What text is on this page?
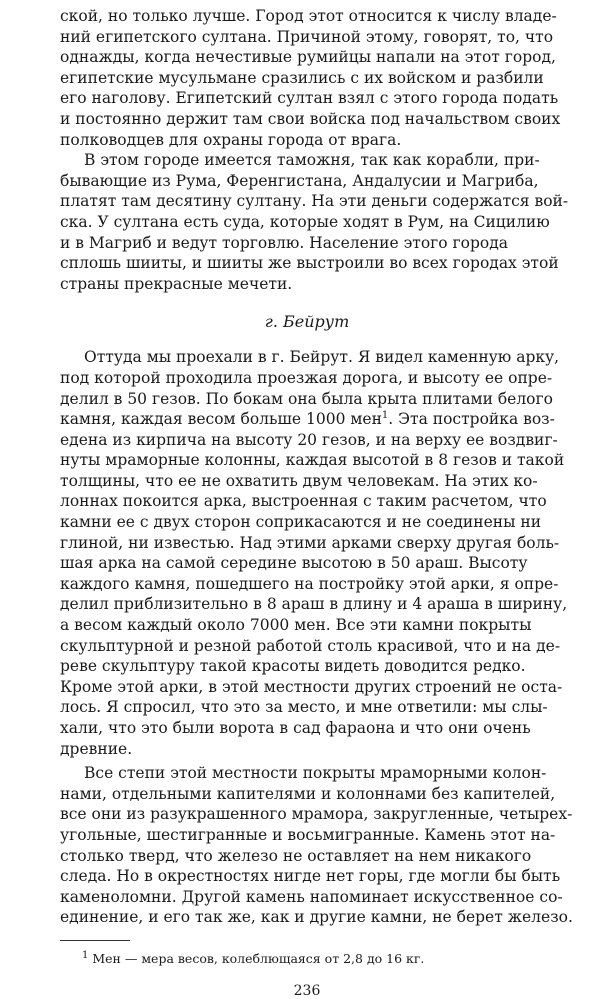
ской, но только лучше. Город этот относится к числу владе-
ний египетского султана. Причиной этому, говорят, то, что
однажды, когда нечестивые румийцы напали на этот город,
египетские мусульмане сразились с их войском и разбили
его наголову. Египетский султан взял с этого города подать
и постоянно держит там свои войска под начальством своих
полководцев для охраны города от врага.

В этом городе имеется таможня, так как корабли, при-
бывающие из Рума, Ференгистана, Андалусии и Магриба,
платят там десятину султану. На эти деньги содержатся вой-
ска. У султана есть суда, которые ходят в Рум, на Сицилию
и в Магриб и ведут торговлю. Население этого города
сплошь шииты, и шииты же выстроили во всех городах этой
страны прекрасные мечети.

г. Бейрут

Оттуда мы проехали в г. Бейрут. Я видел каменную арку,
под которой проходила проезжая дорога, и высоту ее опре-
делил в 50 гезов. По бокам она была крыта плитами белого
камня, каждая весом больше 1000 мен$^1$. Эта постройка воз-
едена из кирпича на высоту 20 гезов, и на верху ее воздвиг-
нуты мраморные колонны, каждая высотой в 8 гезов и такой
толщины, что ее не охватить двум человекам. На этих ко-
лоннах покоится арка, выстроенная с таким расчетом, что
камни ее с двух сторон соприкасаются и не соединены ни
глиной, ни известью. Над этими арками сверху другая боль-
шая арка на самой середине высотою в 50 араш. Высоту
каждого камня, пошедшего на постройку этой арки, я опре-
делил приблизительно в 8 араш в длину и 4 араша в ширину,
а весом каждый около 7000 мен. Все эти камни покрыты
скульптурной и резной работой столь красивой, что и на де-
реве скульптуру такой красоты видеть доводится редко.
Кроме этой арки, в этой местности других строений не оста-
лось. Я спросил, что это за место, и мне ответили: мы слы-
хали, что это были ворота в сад фараона и что они очень
древние.

Все степи этой местности покрыты мраморными колон-
нами, отдельными капителями и колоннами без капителей,
все они из разукрашенного мрамора, закругленные, четырех-
угольные, шестигранные и восьмигранные. Камень этот на-
столько тверд, что железо не оставляет на нем никакого
следа. Но в окрестностях нигде нет горы, где могли бы быть
каменоломни. Другой камень напоминает искусственное со-
единение, и его так же, как и другие камни, не берет железо.

$^1$ Мен — мера весов, колеблющаяся от 2,8 до 16 кг.
236
